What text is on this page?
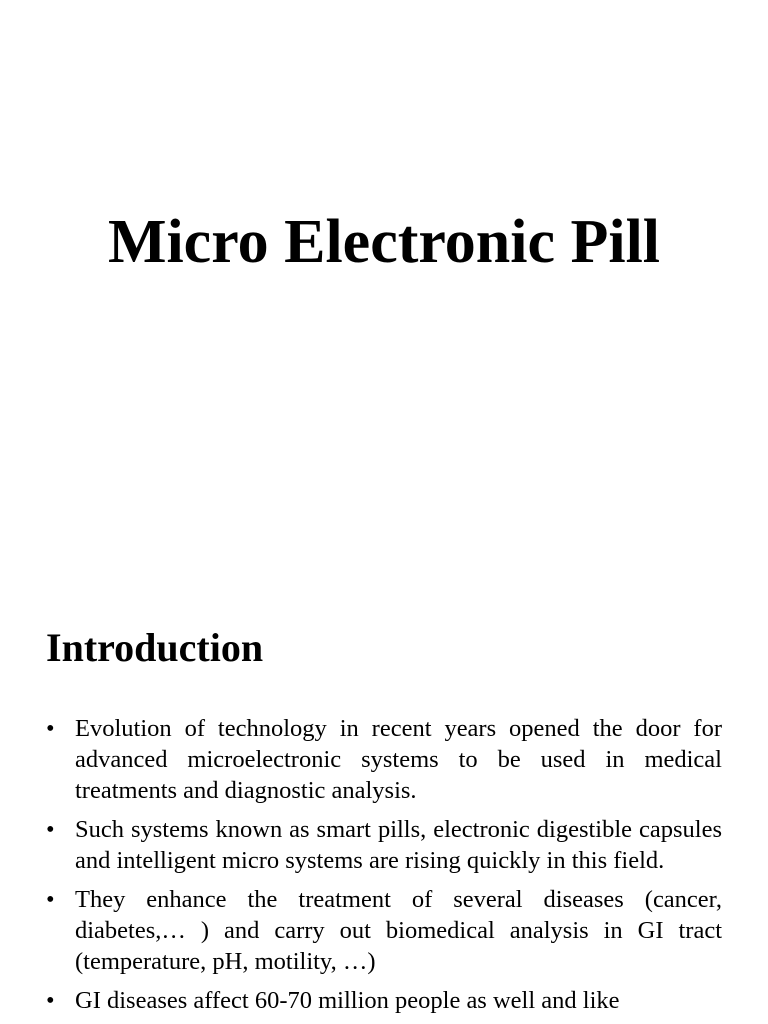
Micro Electronic Pill
Introduction
• Evolution of technology in recent years opened the door for advanced microelectronic systems to be used in medical treatments and diagnostic analysis.
• Such systems known as smart pills, electronic digestible capsules and intelligent micro systems are rising quickly in this field.
• They enhance the treatment of several diseases (cancer, diabetes,… ) and carry out biomedical analysis in GI tract (temperature, pH, motility, …)
• GI diseases affect 60-70 million people as well and like
